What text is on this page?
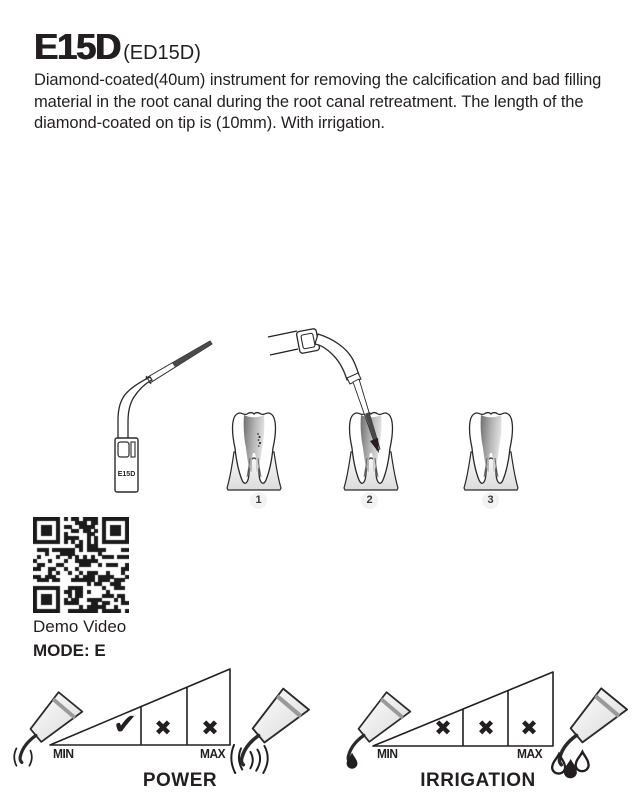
E15D (ED15D)

Diamond-coated(40um) instrument for removing the calcification and bad filling material in the root canal during the root canal retreatment. The length of the diamond-coated on tip is (10mm). With irrigation.

E15D
1	2	3
Demo Video
MODE: E
✔ ✖	✖
MIN	MAX
POWER
✖	✖	✖
MIN	MAX
IRRIGATION
